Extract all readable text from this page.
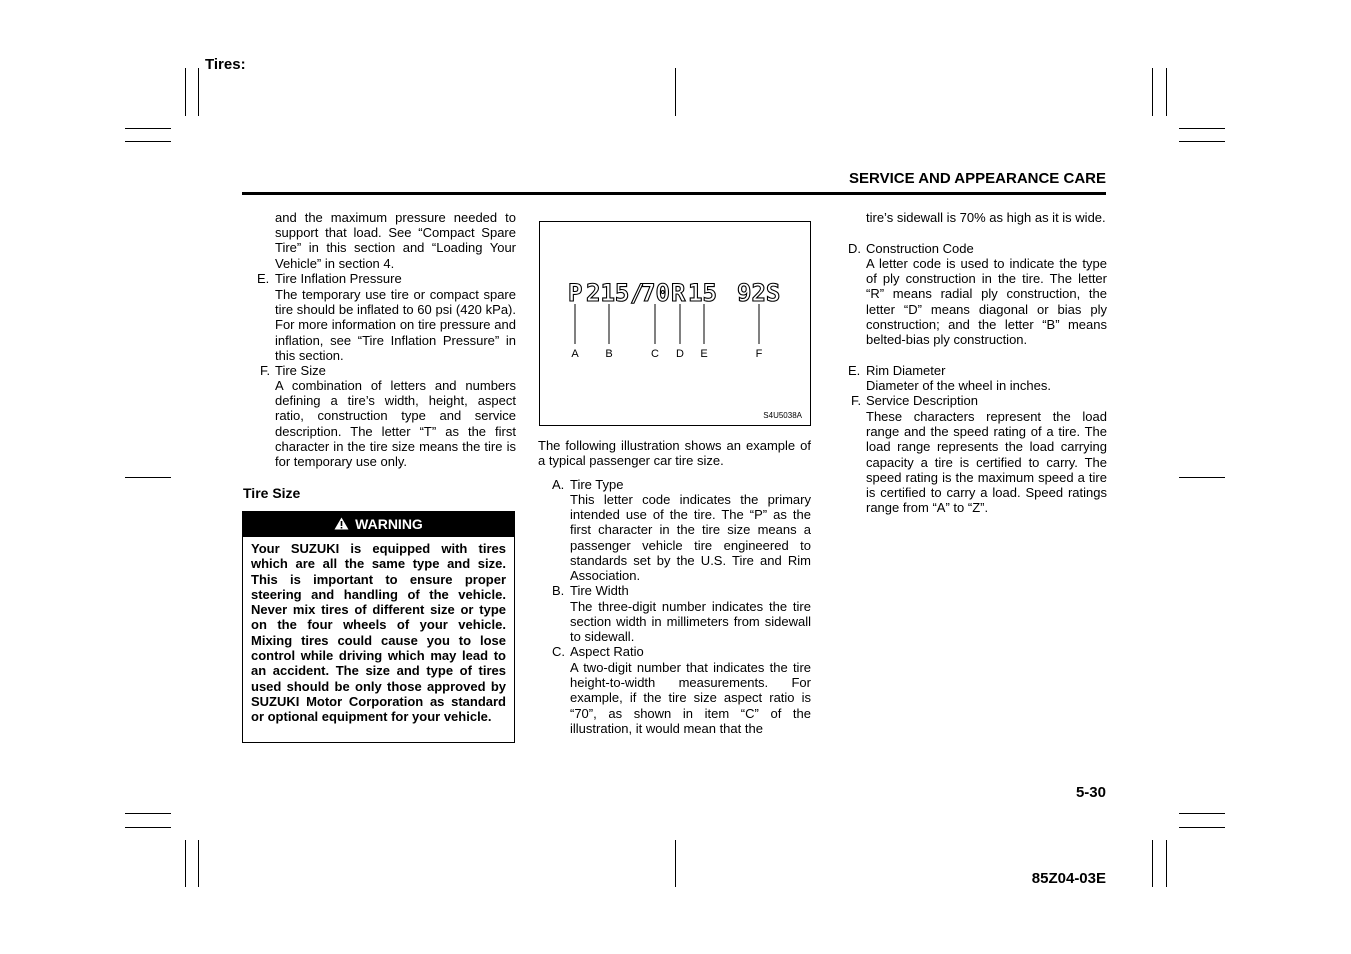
Tires:
SERVICE AND APPEARANCE CARE
and the maximum pressure needed to support that load. See “Compact Spare Tire” in this section and “Loading Your Vehicle” in section 4.
E. Tire Inflation Pressure
The temporary use tire or compact spare tire should be inflated to 60 psi (420 kPa). For more information on tire pressure and inflation, see “Tire Inflation Pressure” in this section.
F. Tire Size
A combination of letters and numbers defining a tire’s width, height, aspect ratio, construction type and service description. The letter “T” as the first character in the tire size means the tire is for temporary use only.
Tire Size
WARNING
Your SUZUKI is equipped with tires which are all the same type and size. This is important to ensure proper steering and handling of the vehicle. Never mix tires of different size or type on the four wheels of your vehicle. Mixing tires could cause you to lose control while driving which may lead to an accident. The size and type of tires used should be only those approved by SUZUKI Motor Corporation as standard or optional equipment for your vehicle.
P 215 /
70 R 15 92S
A B	C D E	F
S4U5038A
The following illustration shows an example of a typical passenger car tire size.
A. Tire Type
This letter code indicates the primary intended use of the tire. The “P” as the first character in the tire size means a passenger vehicle tire engineered to standards set by the U.S. Tire and Rim Association.
B. Tire Width
The three-digit number indicates the tire section width in millimeters from sidewall to sidewall.
C. Aspect Ratio
A two-digit number that indicates the tire height-to-width measurements. For example, if the tire size aspect ratio is “70”, as shown in item “C” of the illustration, it would mean that the
tire’s sidewall is 70% as high as it is wide.
D. Construction Code
A letter code is used to indicate the type of ply construction in the tire. The letter “R” means radial ply construction, the letter “D” means diagonal or bias ply construction; and the letter “B” means belted-bias ply construction.
E. Rim Diameter
Diameter of the wheel in inches.
F. Service Description
These characters represent the load range and the speed rating of a tire. The load range represents the load carrying capacity a tire is certified to carry. The speed rating is the maximum speed a tire is certified to carry a load. Speed ratings range from “A” to “Z”.
5-30
85Z04-03E
